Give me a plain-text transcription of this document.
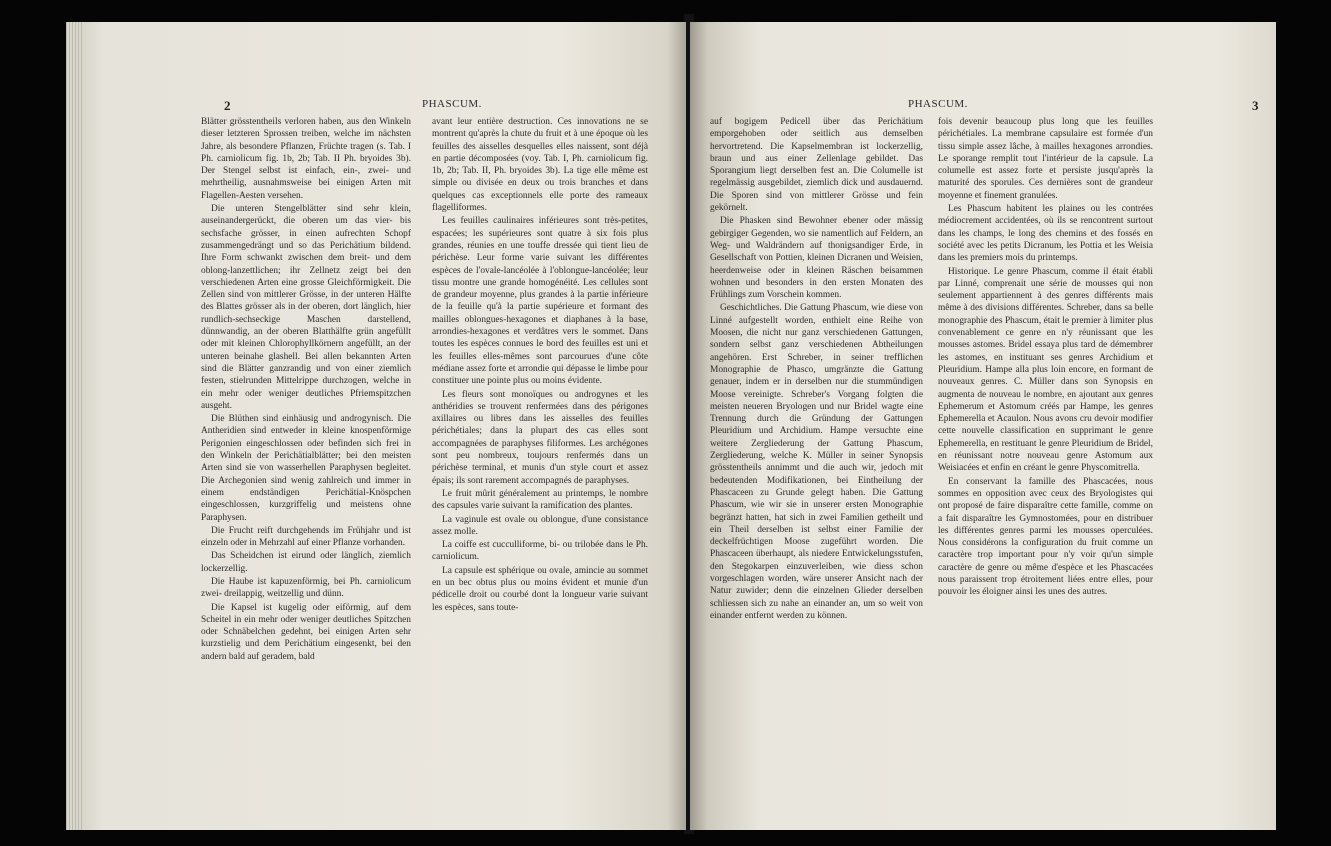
2	PHASCUM.

Blätter grösstentheils verloren haben, aus den Winkeln dieser letzteren Sprossen treiben, welche im nächsten Jahre, als besondere Pflanzen, Früchte tragen (s. Tab. I Ph. carniolicum fig. 1b, 2b; Tab. II Ph. bryoides 3b). Der Stengel selbst ist einfach, ein-, zwei- und mehrtheilig, ausnahmsweise bei einigen Arten mit Flagellen-Aesten versehen.

Die unteren Stengelblätter sind sehr klein, auseinandergerückt, die oberen um das vier- bis sechsfache grösser, in einen aufrechten Schopf zusammengedrängt und so das Perichätium bildend. Ihre Form schwankt zwischen dem breit- und dem oblong-lanzettlichen; ihr Zellnetz zeigt bei den verschiedenen Arten eine grosse Gleichförmigkeit. Die Zellen sind von mittlerer Grösse, in der unteren Hälfte des Blattes grösser als in der oberen, dort länglich, hier rundlich-sechseckige Maschen darstellend, dünnwandig, an der oberen Blatthälfte grün angefüllt oder mit kleinen Chlorophyllkörnern angefüllt, an der unteren beinahe glashell. Bei allen bekannten Arten sind die Blätter ganzrandig und von einer ziemlich festen, stielrunden Mittelrippe durchzogen, welche in ein mehr oder weniger deutliches Pfriemspitzchen ausgeht.

Die Blüthen sind einhäusig und androgynisch. Die Antheridien sind entweder in kleine knospenförmige Perigonien eingeschlossen oder befinden sich frei in den Winkeln der Perichätialblätter; bei den meisten Arten sind sie von wasserhellen Paraphysen begleitet. Die Archegonien sind wenig zahlreich und immer in einem endständigen Perichätial-Knöspchen eingeschlossen, kurzgriffelig und meistens ohne Paraphysen.

Die Frucht reift durchgehends im Frühjahr und ist einzeln oder in Mehrzahl auf einer Pflanze vorhanden.

Das Scheidchen ist eirund oder länglich, ziemlich lockerzellig.

Die Haube ist kapuzenförmig, bei Ph. carniolicum zwei- dreilappig, weitzellig und dünn.

Die Kapsel ist kugelig oder eiförmig, auf dem Scheitel in ein mehr oder weniger deutliches Spitzchen oder Schnäbelchen gedehnt, bei einigen Arten sehr kurzstielig und dem Perichätium eingesenkt, bei den andern bald auf geradem, bald

avant leur entière destruction. Ces innovations ne se montrent qu'après la chute du fruit et à une époque où les feuilles des aisselles desquelles elles naissent, sont déjà en partie décomposées (voy. Tab. I, Ph. carniolicum fig. 1b, 2b; Tab. II, Ph. bryoides 3b). La tige elle même est simple ou divisée en deux ou trois branches et dans quelques cas exceptionnels elle porte des rameaux flagelliformes.

Les feuilles caulinaires inférieures sont très-petites, espacées; les supérieures sont quatre à six fois plus grandes, réunies en une touffe dressée qui tient lieu de périchèse. Leur forme varie suivant les différentes espèces de l'ovale-lancéolée à l'oblongue-lancéolée; leur tissu montre une grande homogénéité. Les cellules sont de grandeur moyenne, plus grandes à la partie inférieure de la feuille qu'à la partie supérieure et formant des mailles oblongues-hexagones et diaphanes à la base, arrondies-hexagones et verdâtres vers le sommet. Dans toutes les espèces connues le bord des feuilles est uni et les feuilles elles-mêmes sont parcourues d'une côte médiane assez forte et arrondie qui dépasse le limbe pour constituer une pointe plus ou moins évidente.

Les fleurs sont monoïques ou androgynes et les anthéridies se trouvent renfermées dans des périgones axillaires ou libres dans les aisselles des feuilles périchétiales; dans la plupart des cas elles sont accompagnées de paraphyses filiformes. Les archégones sont peu nombreux, toujours renfermés dans un périchèse terminal, et munis d'un style court et assez épais; ils sont rarement accompagnés de paraphyses.

Le fruit mûrit généralement au printemps, le nombre des capsules varie suivant la ramification des plantes.

La vaginule est ovale ou oblongue, d'une consistance assez molle.

La coiffe est cucculliforme, bi- ou trilobée dans le Ph. carniolicum.

La capsule est sphérique ou ovale, amincie au sommet en un bec obtus plus ou moins évident et munie d'un pédicelle droit ou courbé dont la longueur varie suivant les espèces, sans toute-

PHASCUM.	3

auf bogigem Pedicell über das Perichätium emporgehoben oder seitlich aus demselben hervortretend. Die Kapselmembran ist lockerzellig, braun und aus einer Zellenlage gebildet. Das Sporangium liegt derselben fest an. Die Columelle ist regelmässig ausgebildet, ziemlich dick und ausdauernd. Die Sporen sind von mittlerer Grösse und fein gekörnelt.

Die Phasken sind Bewohner ebener oder mässig gebirgiger Gegenden, wo sie namentlich auf Feldern, an Weg- und Waldrändern auf thonigsandiger Erde, in Gesellschaft von Pottien, kleinen Dicranen und Weisien, heerdenweise oder in kleinen Räschen beisammen wohnen und besonders in den ersten Monaten des Frühlings zum Vorschein kommen.

Geschichtliches. Die Gattung Phascum, wie diese von Linné aufgestellt worden, enthielt eine Reihe von Moosen, die nicht nur ganz verschiedenen Gattungen, sondern selbst ganz verschiedenen Abtheilungen angehören. Erst Schreber, in seiner trefflichen Monographie de Phasco, umgränzte die Gattung genauer, indem er in derselben nur die stummündigen Moose vereinigte. Schreber's Vorgang folgten die meisten neueren Bryologen und nur Bridel wagte eine Trennung durch die Gründung der Gattungen Pleuridium und Archidium. Hampe versuchte eine weitere Zergliederung der Gattung Phascum, Zergliederung, welche K. Müller in seiner Synopsis grösstentheils annimmt und die auch wir, jedoch mit bedeutenden Modifikationen, bei Eintheilung der Phascaceen zu Grunde gelegt haben. Die Gattung Phascum, wie wir sie in unserer ersten Monographie begränzt hatten, hat sich in zwei Familien getheilt und ein Theil derselben ist selbst einer Familie der deckelfrüchtigen Moose zugeführt worden. Die Phascaceen überhaupt, als niedere Entwickelungsstufen, den Stegokarpen einzuverleiben, wie diess schon vorgeschlagen worden, wäre unserer Ansicht nach der Natur zuwider; denn die einzelnen Glieder derselben schliessen sich zu nahe an einander an, um so weit von einander entfernt werden zu können.

fois devenir beaucoup plus long que les feuilles périchétiales. La membrane capsulaire est formée d'un tissu simple assez lâche, à mailles hexagones arrondies. Le sporange remplit tout l'intérieur de la capsule. La columelle est assez forte et persiste jusqu'après la maturité des sporules. Ces dernières sont de grandeur moyenne et finement granulées.

Les Phascum habitent les plaines ou les contrées médiocrement accidentées, où ils se rencontrent surtout dans les champs, le long des chemins et des fossés en société avec les petits Dicranum, les Pottia et les Weisia dans les premiers mois du printemps.

Historique. Le genre Phascum, comme il était établi par Linné, comprenait une série de mousses qui non seulement appartiennent à des genres différents mais même à des divisions différentes. Schreber, dans sa belle monographie des Phascum, était le premier à limiter plus convenablement ce genre en n'y réunissant que les mousses astomes. Bridel essaya plus tard de démembrer les astomes, en instituant ses genres Archidium et Pleuridium. Hampe alla plus loin encore, en formant de nouveaux genres. C. Müller dans son Synopsis en augmenta de nouveau le nombre, en ajoutant aux genres Ephemerum et Astomum créés par Hampe, les genres Ephemerella et Acaulon. Nous avons cru devoir modifier cette nouvelle classification en supprimant le genre Ephemerella, en restituant le genre Pleuridium de Bridel, en réunissant notre nouveau genre Astomum aux Weisiacées et enfin en créant le genre Physcomitrella.

En conservant la famille des Phascacées, nous sommes en opposition avec ceux des Bryologistes qui ont proposé de faire disparaître cette famille, comme on a fait disparaître les Gymnostomées, pour en distribuer les différentes genres parmi les mousses operculées. Nous considérons la configuration du fruit comme un caractère trop important pour n'y voir qu'un simple caractère de genre ou même d'espèce et les Phascacées nous paraissent trop étroitement liées entre elles, pour pouvoir les éloigner ainsi les unes des autres.
